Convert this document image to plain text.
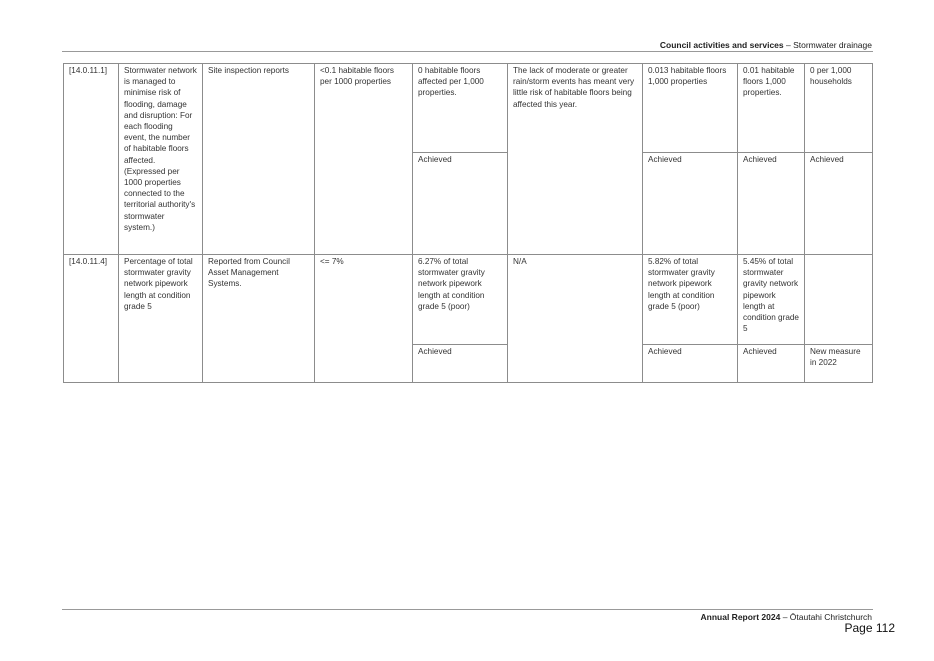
Council activities and services – Stormwater drainage
[14.0.11.1]	Stormwater network is managed to minimise risk of flooding, damage and disruption: For each flooding event, the number of habitable floors affected. (Expressed per 1000 properties connected to the territorial authority's stormwater system.)	Site inspection reports	<0.1 habitable floors per 1000 properties	0 habitable floors affected per 1,000 properties.	The lack of moderate or greater rain/storm events has meant very little risk of habitable floors being affected this year.	0.013 habitable floors 1,000 properties	0.01 habitable floors 1,000 properties.	0 per 1,000 households
				Achieved		Achieved	Achieved	Achieved
[14.0.11.4]	Percentage of total stormwater gravity network pipework length at condition grade 5	Reported from Council Asset Management Systems.	<= 7%	6.27% of total stormwater gravity network pipework length at condition grade 5 (poor)	N/A	5.82% of total stormwater gravity network pipework length at condition grade 5 (poor)	5.45% of total stormwater gravity network pipework length at condition grade 5	
				Achieved		Achieved	Achieved	New measure in 2022
Annual Report 2024 – Ōtautahi Christchurch
Page 112
